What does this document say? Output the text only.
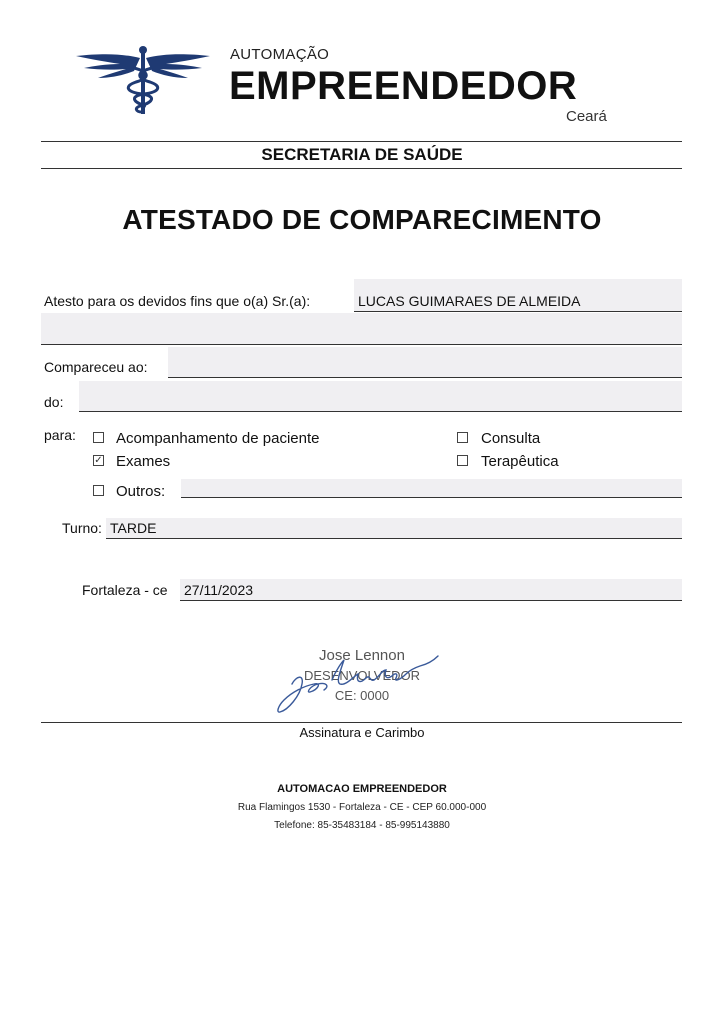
AUTOMAÇÃO
EMPREENDEDOR
Ceará
SECRETARIA DE SAÚDE
ATESTADO DE COMPARECIMENTO
Atesto para os devidos fins que o(a) Sr.(a):	LUCAS GUIMARAES DE ALMEIDA
Compareceu ao:
do:
para:	Acompanhamento de paciente	Consulta
✓ Exames	Terapêutica
Outros:
Turno: TARDE
Fortaleza - ce 27/11/2023
Jose Lennon
DESENVOLVEDOR
CE: 0000
Assinatura e Carimbo
AUTOMACAO EMPREENDEDOR
Rua Flamingos 1530 - Fortaleza - CE - CEP 60.000-000
Telefone: 85-35483184 - 85-995143880
